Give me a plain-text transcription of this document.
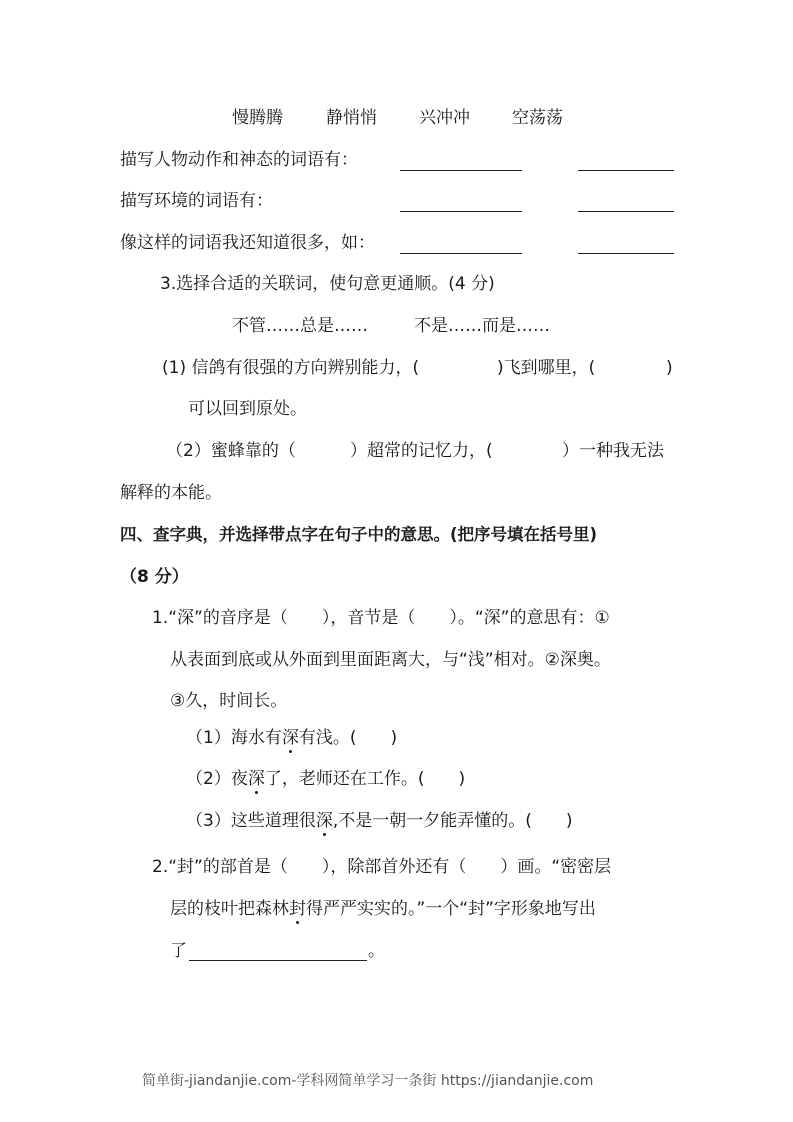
慢腾腾	静悄悄 兴冲冲 空荡荡
描写人物动作和神态的词语有：
描写环境的词语有：
像这样的词语我还知道很多，如：
3.选择合适的关联词，使句意更通顺。(4 分)
不管……总是……	不是……而是……
(1) 信鸽有很强的方向辨别能力，(	)飞到哪里，(	)
可以回到原处。
（2）蜜蜂靠的（	）超常的记忆力，(	）一种我无法
解释的本能。
四、查字典，并选择带点字在句子中的意思。(把序号填在括号里)
（8 分）
1.“深”的音序是（　　），音节是（　　）。“深”的意思有：①
从表面到底或从外面到里面距离大，与“浅”相对。②深奥。
③久，时间长。
（1）海水有深有浅。(　　)
（2）夜深了，老师还在工作。(　　)
（3）这些道理很深,不是一朝一夕能弄懂的。(　　)
2.“封”的部首是（　　），除部首外还有（　　）画。“密密层
层的枝叶把森林封得严严实实的。”一个“封”字形象地写出
了	。
简单街-jiandanjie.com-学科网简单学习一条街 https://jiandanjie.com
